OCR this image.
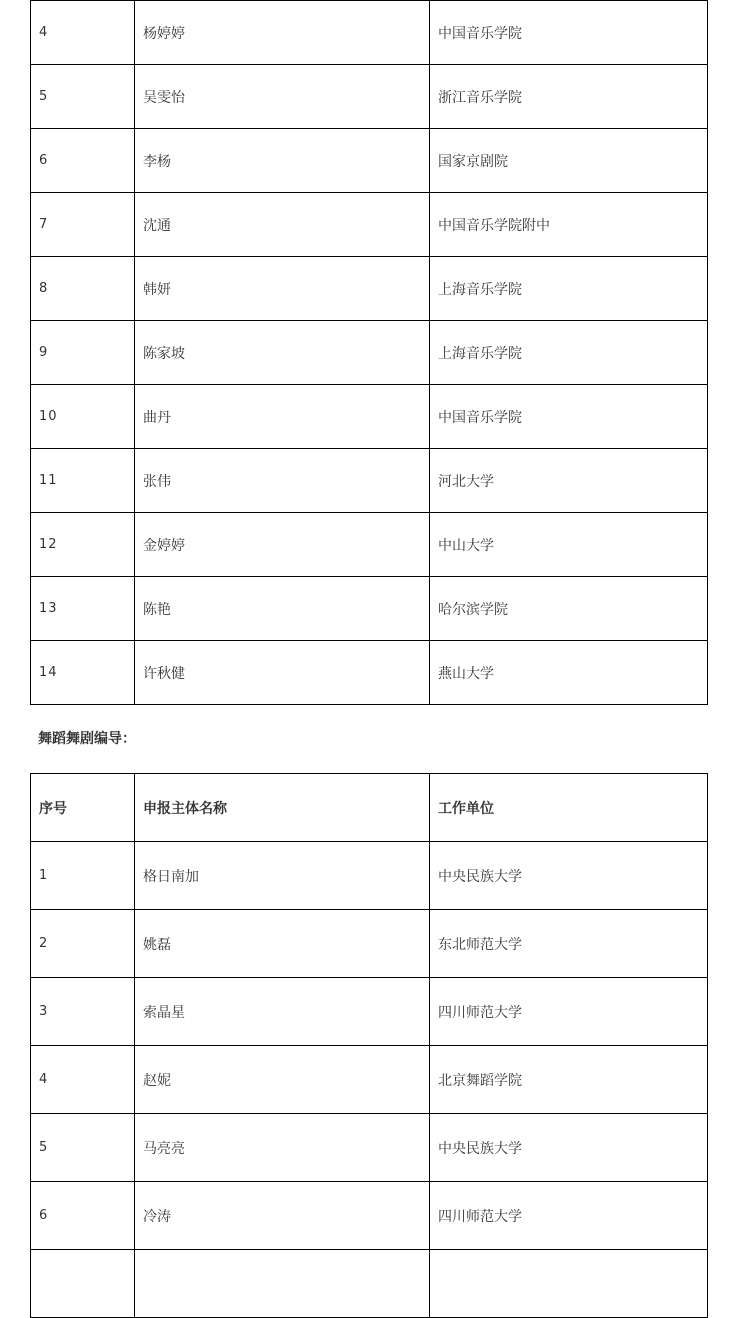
4	杨婷婷	中国音乐学院
5	吴雯怡	浙江音乐学院
6	李杨	国家京剧院
7	沈通	中国音乐学院附中
8	韩妍	上海音乐学院
9	陈家坡	上海音乐学院
10	曲丹	中国音乐学院
11	张伟	河北大学
12	金婷婷	中山大学
13	陈艳	哈尔滨学院
14	许秋健	燕山大学
舞蹈舞剧编导：
序号	申报主体名称	工作单位
1	格日南加	中央民族大学
2	姚磊	东北师范大学
3	索晶星	四川师范大学
4	赵妮	北京舞蹈学院
5	马亮亮	中央民族大学
6	冷涛	四川师范大学
